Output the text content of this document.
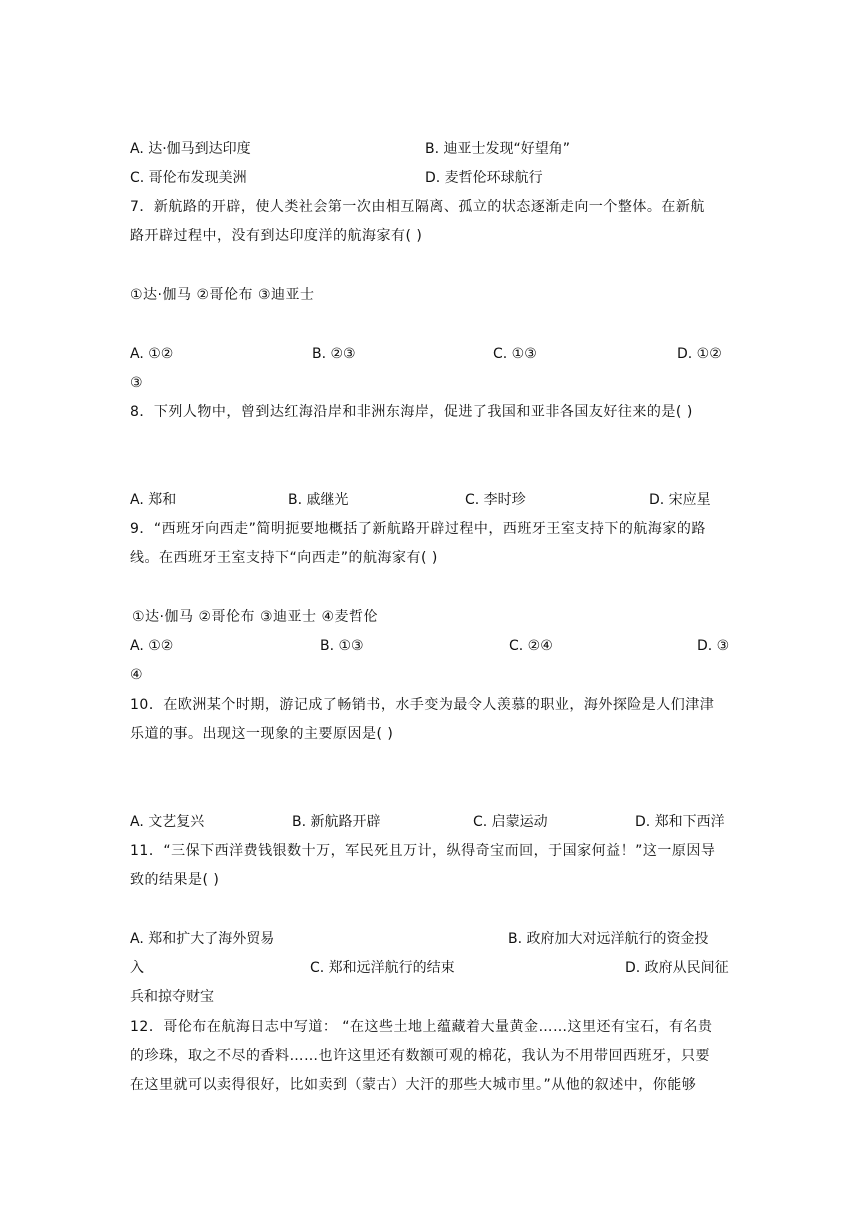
A. 达·伽马到达印度	B. 迪亚士发现“好望角”
C. 哥伦布发现美洲	D. 麦哲伦环球航行
7．新航路的开辟，使人类社会第一次由相互隔离、孤立的状态逐渐走向一个整体。在新航
路开辟过程中，没有到达印度洋的航海家有( )
①达·伽马 ②哥伦布 ③迪亚士
A. ①②	B. ②③	C. ①③	D. ①②
③
8．下列人物中，曾到达红海沿岸和非洲东海岸，促进了我国和亚非各国友好往来的是( )
A. 郑和	B. 戚继光	C. 李时珍	D. 宋应星
9．“西班牙向西走”简明扼要地概括了新航路开辟过程中，西班牙王室支持下的航海家的路
线。在西班牙王室支持下“向西走”的航海家有( )
①达·伽马 ②哥伦布 ③迪亚士 ④麦哲伦
A. ①②	B. ①③	C. ②④	D. ③
④
10．在欧洲某个时期，游记成了畅销书，水手变为最令人羡慕的职业，海外探险是人们津津
乐道的事。出现这一现象的主要原因是( )
A. 文艺复兴	B. 新航路开辟	C. 启蒙运动	D. 郑和下西洋
11．“三保下西洋费钱银数十万，军民死且万计，纵得奇宝而回，于国家何益！”这一原因导
致的结果是( )
A. 郑和扩大了海外贸易	B. 政府加大对远洋航行的资金投
入	C. 郑和远洋航行的结束	D. 政府从民间征
兵和掠夺财宝
12．哥伦布在航海日志中写道： “在这些土地上蕴藏着大量黄金……这里还有宝石，有名贵
的珍珠，取之不尽的香料……也许这里还有数额可观的棉花，我认为不用带回西班牙，只要
在这里就可以卖得很好，比如卖到（蒙古）大汗的那些大城市里。”从他的叙述中，你能够
